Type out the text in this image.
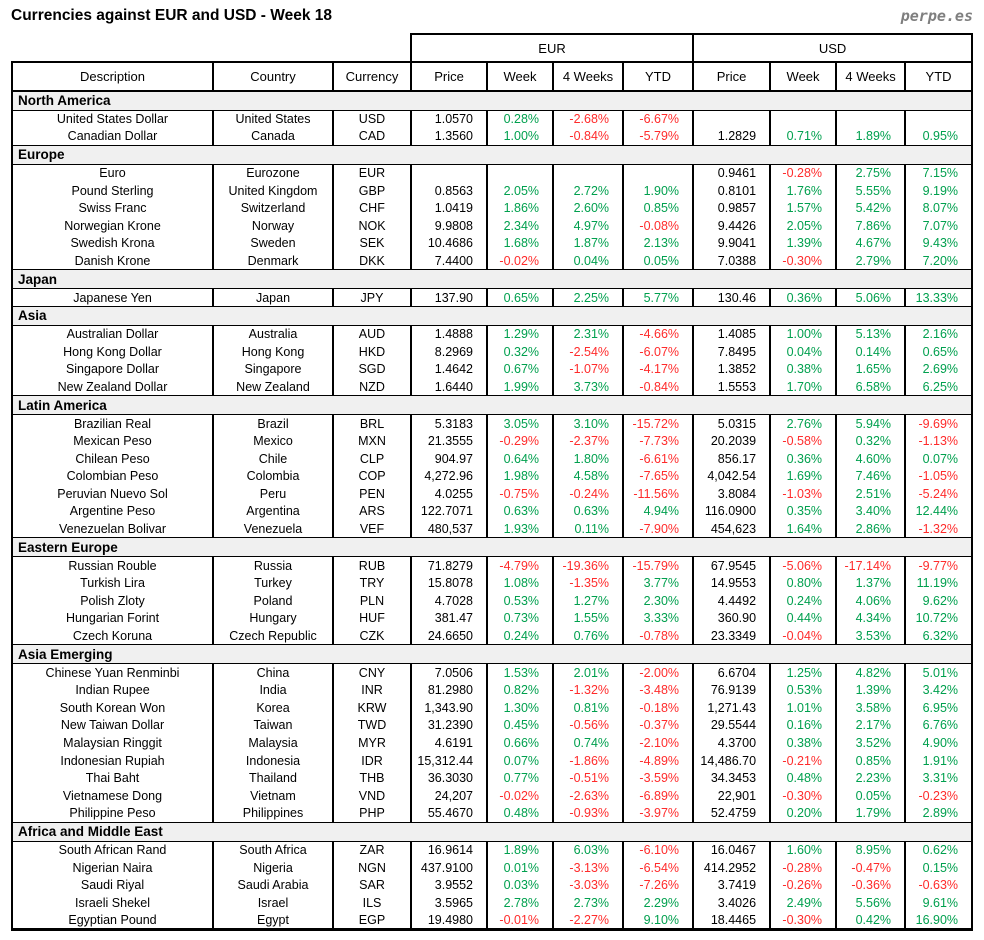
Currencies against EUR and USD - Week 18	perpe.es
			EUR				USD			
Description	Country	Currency	Price	Week	4 Weeks	YTD	Price	Week	4 Weeks	YTD
North America										
United States Dollar	United States	USD	1.0570	0.28%	-2.68%	-6.67%				
Canadian Dollar	Canada	CAD	1.3560	1.00%	-0.84%	-5.79%	1.2829	0.71%	1.89%	0.95%
Europe										
Euro	Eurozone	EUR					0.9461	-0.28%	2.75%	7.15%
Pound Sterling	United Kingdom	GBP	0.8563	2.05%	2.72%	1.90%	0.8101	1.76%	5.55%	9.19%
Swiss Franc	Switzerland	CHF	1.0419	1.86%	2.60%	0.85%	0.9857	1.57%	5.42%	8.07%
Norwegian Krone	Norway	NOK	9.9808	2.34%	4.97%	-0.08%	9.4426	2.05%	7.86%	7.07%
Swedish Krona	Sweden	SEK	10.4686	1.68%	1.87%	2.13%	9.9041	1.39%	4.67%	9.43%
Danish Krone	Denmark	DKK	7.4400	-0.02%	0.04%	0.05%	7.0388	-0.30%	2.79%	7.20%
Japan										
Japanese Yen	Japan	JPY	137.90	0.65%	2.25%	5.77%	130.46	0.36%	5.06%	13.33%
Asia										
Australian Dollar	Australia	AUD	1.4888	1.29%	2.31%	-4.66%	1.4085	1.00%	5.13%	2.16%
Hong Kong Dollar	Hong Kong	HKD	8.2969	0.32%	-2.54%	-6.07%	7.8495	0.04%	0.14%	0.65%
Singapore Dollar	Singapore	SGD	1.4642	0.67%	-1.07%	-4.17%	1.3852	0.38%	1.65%	2.69%
New Zealand Dollar	New Zealand	NZD	1.6440	1.99%	3.73%	-0.84%	1.5553	1.70%	6.58%	6.25%
Latin America										
Brazilian Real	Brazil	BRL	5.3183	3.05%	3.10%	-15.72%	5.0315	2.76%	5.94%	-9.69%
Mexican Peso	Mexico	MXN	21.3555	-0.29%	-2.37%	-7.73%	20.2039	-0.58%	0.32%	-1.13%
Chilean Peso	Chile	CLP	904.97	0.64%	1.80%	-6.61%	856.17	0.36%	4.60%	0.07%
Colombian Peso	Colombia	COP	4,272.96	1.98%	4.58%	-7.65%	4,042.54	1.69%	7.46%	-1.05%
Peruvian Nuevo Sol	Peru	PEN	4.0255	-0.75%	-0.24%	-11.56%	3.8084	-1.03%	2.51%	-5.24%
Argentine Peso	Argentina	ARS	122.7071	0.63%	0.63%	4.94%	116.0900	0.35%	3.40%	12.44%
Venezuelan Bolivar	Venezuela	VEF	480,537	1.93%	0.11%	-7.90%	454,623	1.64%	2.86%	-1.32%
Eastern Europe										
Russian Rouble	Russia	RUB	71.8279	-4.79%	-19.36%	-15.79%	67.9545	-5.06%	-17.14%	-9.77%
Turkish Lira	Turkey	TRY	15.8078	1.08%	-1.35%	3.77%	14.9553	0.80%	1.37%	11.19%
Polish Zloty	Poland	PLN	4.7028	0.53%	1.27%	2.30%	4.4492	0.24%	4.06%	9.62%
Hungarian Forint	Hungary	HUF	381.47	0.73%	1.55%	3.33%	360.90	0.44%	4.34%	10.72%
Czech Koruna	Czech Republic	CZK	24.6650	0.24%	0.76%	-0.78%	23.3349	-0.04%	3.53%	6.32%
Asia Emerging										
Chinese Yuan Renminbi	China	CNY	7.0506	1.53%	2.01%	-2.00%	6.6704	1.25%	4.82%	5.01%
Indian Rupee	India	INR	81.2980	0.82%	-1.32%	-3.48%	76.9139	0.53%	1.39%	3.42%
South Korean Won	Korea	KRW	1,343.90	1.30%	0.81%	-0.18%	1,271.43	1.01%	3.58%	6.95%
New Taiwan Dollar	Taiwan	TWD	31.2390	0.45%	-0.56%	-0.37%	29.5544	0.16%	2.17%	6.76%
Malaysian Ringgit	Malaysia	MYR	4.6191	0.66%	0.74%	-2.10%	4.3700	0.38%	3.52%	4.90%
Indonesian Rupiah	Indonesia	IDR	15,312.44	0.07%	-1.86%	-4.89%	14,486.70	-0.21%	0.85%	1.91%
Thai Baht	Thailand	THB	36.3030	0.77%	-0.51%	-3.59%	34.3453	0.48%	2.23%	3.31%
Vietnamese Dong	Vietnam	VND	24,207	-0.02%	-2.63%	-6.89%	22,901	-0.30%	0.05%	-0.23%
Philippine Peso	Philippines	PHP	55.4670	0.48%	-0.93%	-3.97%	52.4759	0.20%	1.79%	2.89%
Africa and Middle East										
South African Rand	South Africa	ZAR	16.9614	1.89%	6.03%	-6.10%	16.0467	1.60%	8.95%	0.62%
Nigerian Naira	Nigeria	NGN	437.9100	0.01%	-3.13%	-6.54%	414.2952	-0.28%	-0.47%	0.15%
Saudi Riyal	Saudi Arabia	SAR	3.9552	0.03%	-3.03%	-7.26%	3.7419	-0.26%	-0.36%	-0.63%
Israeli Shekel	Israel	ILS	3.5965	2.78%	2.73%	2.29%	3.4026	2.49%	5.56%	9.61%
Egyptian Pound	Egypt	EGP	19.4980	-0.01%	-2.27%	9.10%	18.4465	-0.30%	0.42%	16.90%
